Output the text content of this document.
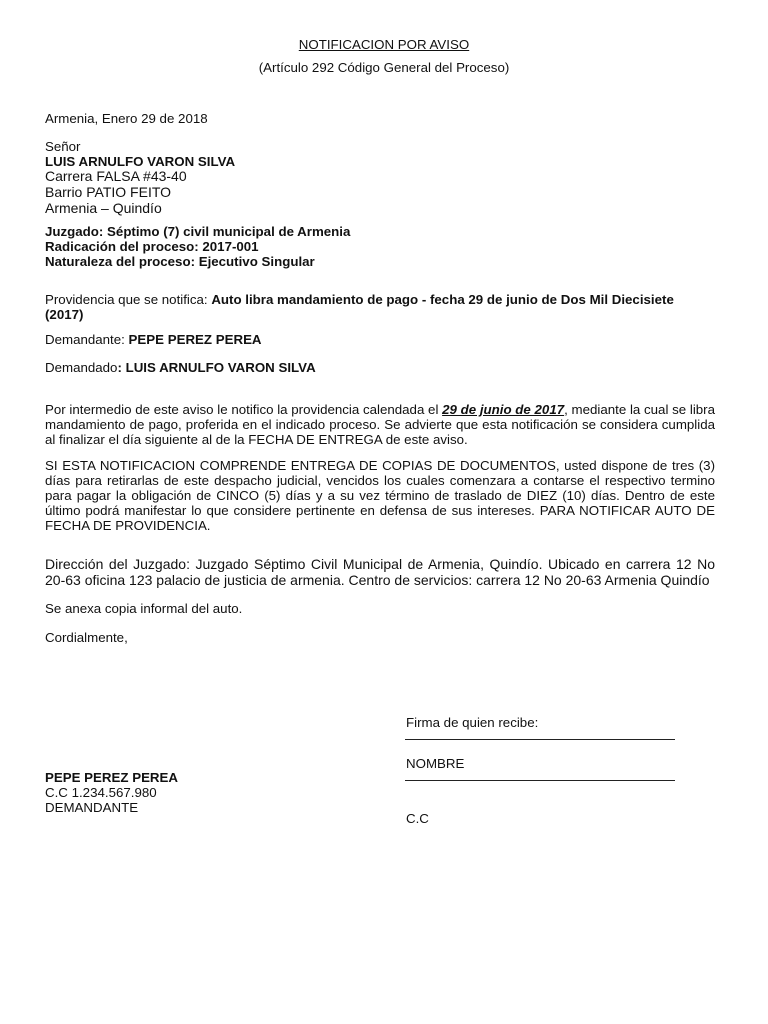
NOTIFICACION POR AVISO
(Artículo 292 Código General del Proceso)
Armenia, Enero 29 de 2018

Señor

LUIS ARNULFO VARON SILVA

Carrera FALSA #43-40

Barrio PATIO FEITO

Armenia – Quindío

Juzgado: Séptimo (7) civil municipal de Armenia

Radicación del proceso: 2017-001

Naturaleza del proceso: Ejecutivo Singular

Providencia que se notifica: Auto libra mandamiento de pago - fecha 29 de junio de Dos Mil Diecisiete (2017)
Demandante: PEPE PEREZ PEREA
Demandado: LUIS ARNULFO VARON SILVA
Por intermedio de este aviso le notifico la providencia calendada el 29 de junio de 2017, mediante la cual se libra mandamiento de pago, proferida en el indicado proceso. Se advierte que esta notificación se considera cumplida al finalizar el día siguiente al de la FECHA DE ENTREGA de este aviso.
SI ESTA NOTIFICACION COMPRENDE ENTREGA DE COPIAS DE DOCUMENTOS, usted dispone de tres (3) días para retirarlas de este despacho judicial, vencidos los cuales comenzara a contarse el respectivo termino para pagar la obligación de CINCO (5) días y a su vez término de traslado de DIEZ (10) días. Dentro de este último podrá manifestar lo que considere pertinente en defensa de sus intereses. PARA NOTIFICAR AUTO DE FECHA DE PROVIDENCIA.
Dirección del Juzgado: Juzgado Séptimo Civil Municipal de Armenia, Quindío. Ubicado en carrera 12 No 20-63 oficina 123 palacio de justicia de armenia. Centro de servicios: carrera 12 No 20-63 Armenia Quindío
Se anexa copia informal del auto.
Cordialmente,
Firma de quien recibe:
NOMBRE
C.C

PEPE PEREZ PEREA

C.C 1.234.567.980

DEMANDANTE
